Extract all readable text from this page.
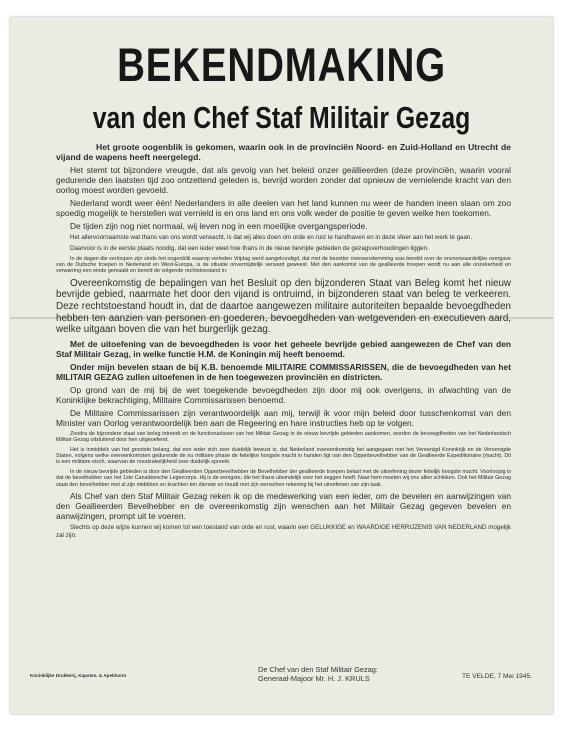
BEKENDMAKING
van den Chef Staf Militair Gezag

Het groote oogenblik is gekomen, waarin ook in de provinciën Noord- en Zuid-Holland en Utrecht de vijand de wapens heeft neergelegd.

Het stemt tot bijzondere vreugde, dat als gevolg van het beleid onzer geällieerden (deze provinciën, waarin vooral gedurende den laatsten tijd zoo ontzettend geleden is, bevrijd worden zonder dat opnieuw de vernielende kracht van den oorlog moest worden gevoeld.

Nederland wordt weer één! Nederlanders in alle deelen van het land kunnen nu weer de handen ineen slaan om zoo spoedig mogelijk te herstellen wat vernield is en ons land en ons volk weder de positie te geven welke hen toekomen.

De tijden zijn nog niet normaal, wij leven nog in een moeilijke overgangsperiode.

Het allervoornaamste wat thans van ons wordt verwacht, is dat wij alles doen om orde en rust te handhaven en in deze sfeer aan het werk te gaan.

Daarvoor is in de eerste plaats noodig, dat een ieder weet hoe thans in de nieuw bevrijde gebieden de gezagsverhoudingen liggen.

In de dagen die verloopen zijn sinds het oogenblik waarop verleden Vrijdag werd aangekondigd, dat met de bezetter overeenstemming was bereikt over de onvoorwaardelijke overgave van de Duitsche troepen in Nederland en West-Europa, is de situatie onvermijdelijk verward geweest. Met den aankomst van de geallieerde troepen wordt nu aan alle onzekerheid en verwarring een einde gemaakt en bereid de volgende rechtstoestand in:

Overeenkomstig de bepalingen van het Besluit op den bijzonderen Staat van Beleg komt het nieuw bevrijde gebied, naarmate het door den vijand is ontruimd, in bijzonderen staat van beleg te verkeeren. Deze rechtstoestand houdt in, dat de daartoe aangewezen militaire autoriteiten bepaalde bevoegdheden hebben ten aanzien van personen en goederen, bevoegdheden van wetgevenden en executieven aard, welke uitgaan boven die van het burgerlijk gezag.

Met de uitoefening van de bevoegdheden is voor het geheele bevrijde gebied aangewezen de Chef van den Staf Militair Gezag, in welke functie H.M. de Koningin mij heeft benoemd.

Onder mijn bevelen staan de bij K.B. benoemde MILITAIRE COMMISSARISSEN, die de bevoegdheden van het MILITAIR GEZAG zullen uitoefenen in de hen toegewezen provinciën en districten.

Op grond van de mij bij de wet toegekende bevoegdheden zijn door mij ook overigens, in afwachting van de Koninklijke bekrachtiging, Militaire Commissarissen benoemd.

De Militaire Commissarissen zijn verantwoordelijk aan mij, terwijl ik voor mijn beleid door tusschenkomst van den Minister van Oorlog verantwoordelijk ben aan de Regeering en hare instructies heb op te volgen.

Zoodra de bijzondere staat van beleg intreedt en de functionarissen van het Militair Gezag in de nieuw bevrijde gebieden aankomen, worden de bevoegdheden van het Nederlandsch Militair Gezag uitsluitend door hen uitgeoefend.

Het is inmiddels van het grootste belang, dat een ieder zich zeer duidelijk bewust is, dat Nederland overeenkomstig het aangegaan met het Vereenigd Koninkrijk en de Vereenigde Staten, volgens welke overeenkomsten gedurende de nu militaire phase de feitelijke hoogste macht in handen ligt van den Opperbevelhebber van de Geallieerde Expeditionaire (macht). Dit is een militaire eisch, waarvan de noodzakelijkheid zeer duidelijk spreekt.

In de nieuw bevrijde gebieden is door den Geallieerden Opperbevelhebber de Bevelhebber der geallieerde troepen belast met de uitoefening dezer feitelijk hoogste macht. Voorloopig is dat de bevelhebber van het 1ste Canadeesche Legercorps. Hij is de eenigste, die het thans uiteindelijk voor het zeggen heeft. Naar hem moeten wij ons allen schikken. Ook het Militair Gezag staat den bevelhebber met al zijn middelen en krachten ten dienste en houdt met zijn wenschen rekening bij het uitoefenen van zijn taak.

Als Chef van den Staf Militair Gezag reken ik op de medewerking van een ieder, om de bevelen en aanwijzingen van den Geallieerden Bevelhebber en de overeenkomstig zijn wenschen aan het Militair Gezag gegeven bevelen en aanwijzingen, prompt uit te voeren.

Slechts op deze wijze kunnen wij komen tot een toestand van orde en rust, waarin een GELUKKIGE en WAARDIGE HERRIJZENIS VAN NEDERLAND mogelijk zal zijn.

Koninklijke Drukkerij, Kapsten. & Apeldoorn
De Chef van den Staf Militair Gezag:
Generaal-Majoor Mr. H. J. KRULS	TE VELDE, 7 Mei 1945.
